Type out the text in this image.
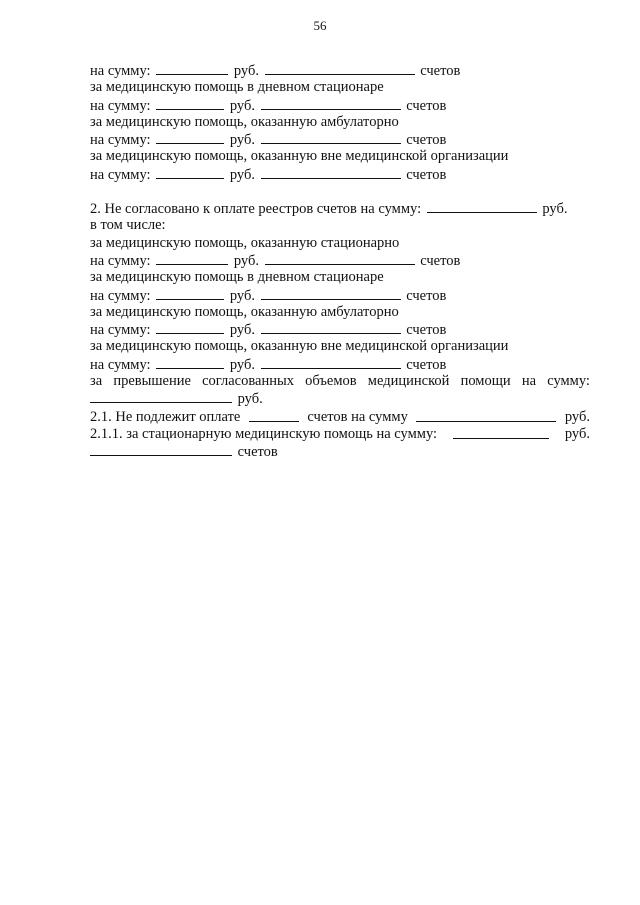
56
на сумму:	руб.	счетов
за медицинскую помощь в дневном стационаре
на сумму:	руб.	счетов
за медицинскую помощь, оказанную амбулаторно
на сумму:	руб.	счетов
за медицинскую помощь, оказанную вне медицинской организации
на сумму:	руб.	счетов
2. Не согласовано к оплате реестров счетов на сумму:	руб.
в том числе:
за медицинскую помощь, оказанную стационарно
на сумму:	руб.	счетов
за медицинскую помощь в дневном стационаре
на сумму:	руб.	счетов
за медицинскую помощь, оказанную амбулаторно
на сумму:	руб.	счетов
за медицинскую помощь, оказанную вне медицинской организации
на сумму:	руб.	счетов
за превышение согласованных объемов медицинской помощи на сумму:
руб.
2.1. Не подлежит оплате	счетов на сумму	руб.
2.1.1. за стационарную медицинскую помощь на сумму:	руб.
счетов
